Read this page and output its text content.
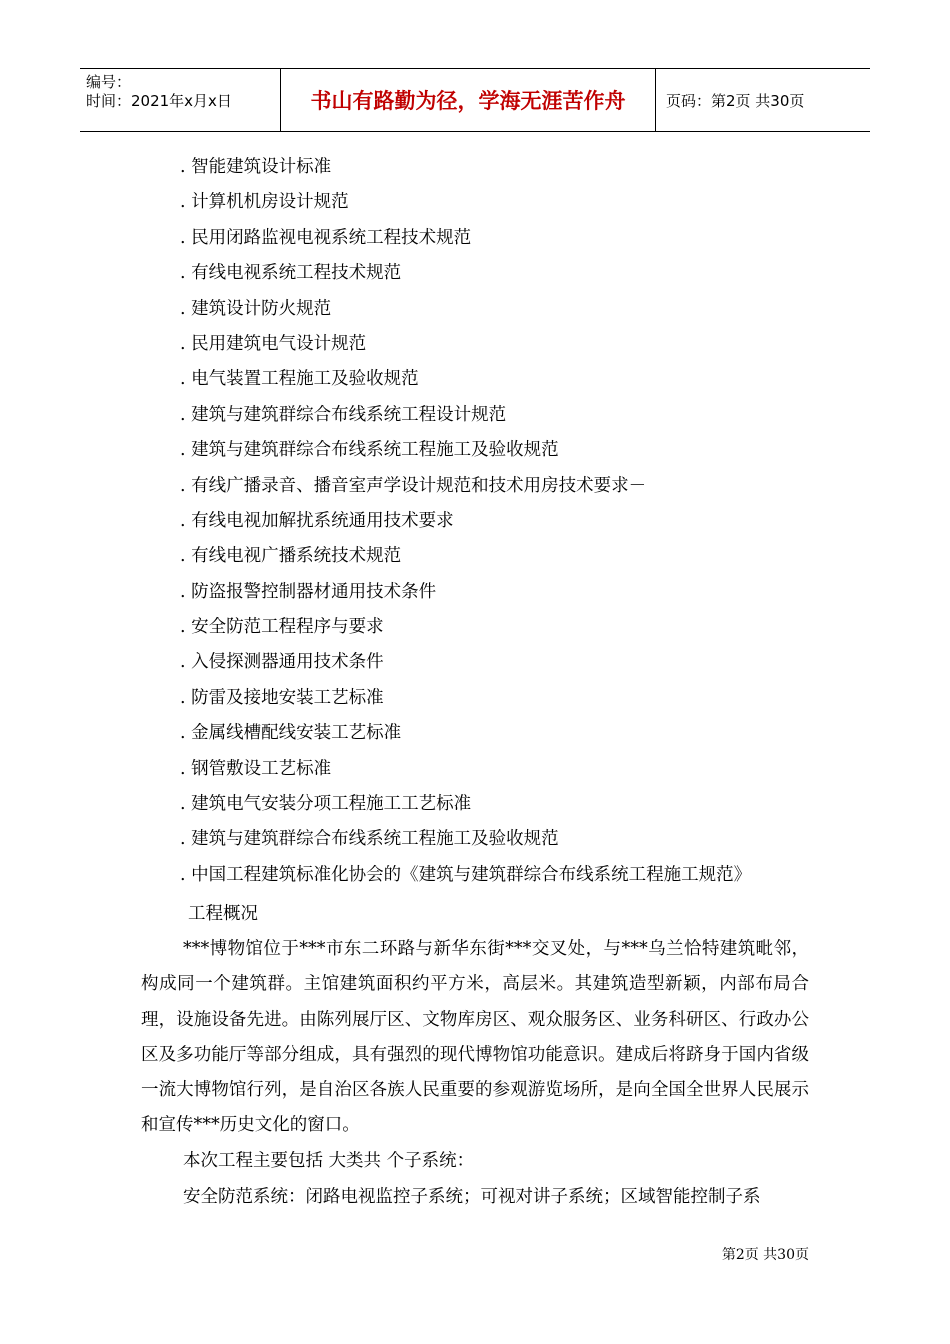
编号：
时间：2021年x月x日	书山有路勤为径，学海无涯苦作舟	页码：第2页 共30页
. 智能建筑设计标准
. 计算机机房设计规范
. 民用闭路监视电视系统工程技术规范
. 有线电视系统工程技术规范
. 建筑设计防火规范
. 民用建筑电气设计规范
. 电气装置工程施工及验收规范
. 建筑与建筑群综合布线系统工程设计规范
. 建筑与建筑群综合布线系统工程施工及验收规范
. 有线广播录音、播音室声学设计规范和技术用房技术要求－
. 有线电视加解扰系统通用技术要求
. 有线电视广播系统技术规范
. 防盗报警控制器材通用技术条件
. 安全防范工程程序与要求
. 入侵探测器通用技术条件
. 防雷及接地安装工艺标准
. 金属线槽配线安装工艺标准
. 钢管敷设工艺标准
. 建筑电气安装分项工程施工工艺标准
. 建筑与建筑群综合布线系统工程施工及验收规范
. 中国工程建筑标准化协会的《建筑与建筑群综合布线系统工程施工规范》
工程概况

***博物馆位于***市东二环路与新华东街***交叉处，与***乌兰恰特建筑毗邻，构成同一个建筑群。主馆建筑面积约平方米，高层米。其建筑造型新颖，内部布局合理，设施设备先进。由陈列展厅区、文物库房区、观众服务区、业务科研区、行政办公区及多功能厅等部分组成，具有强烈的现代博物馆功能意识。建成后将跻身于国内省级一流大博物馆行列，是自治区各族人民重要的参观游览场所，是向全国全世界人民展示和宣传***历史文化的窗口。

本次工程主要包括 大类共 个子系统：

安全防范系统：闭路电视监控子系统；可视对讲子系统；区域智能控制子系

第2页 共30页
